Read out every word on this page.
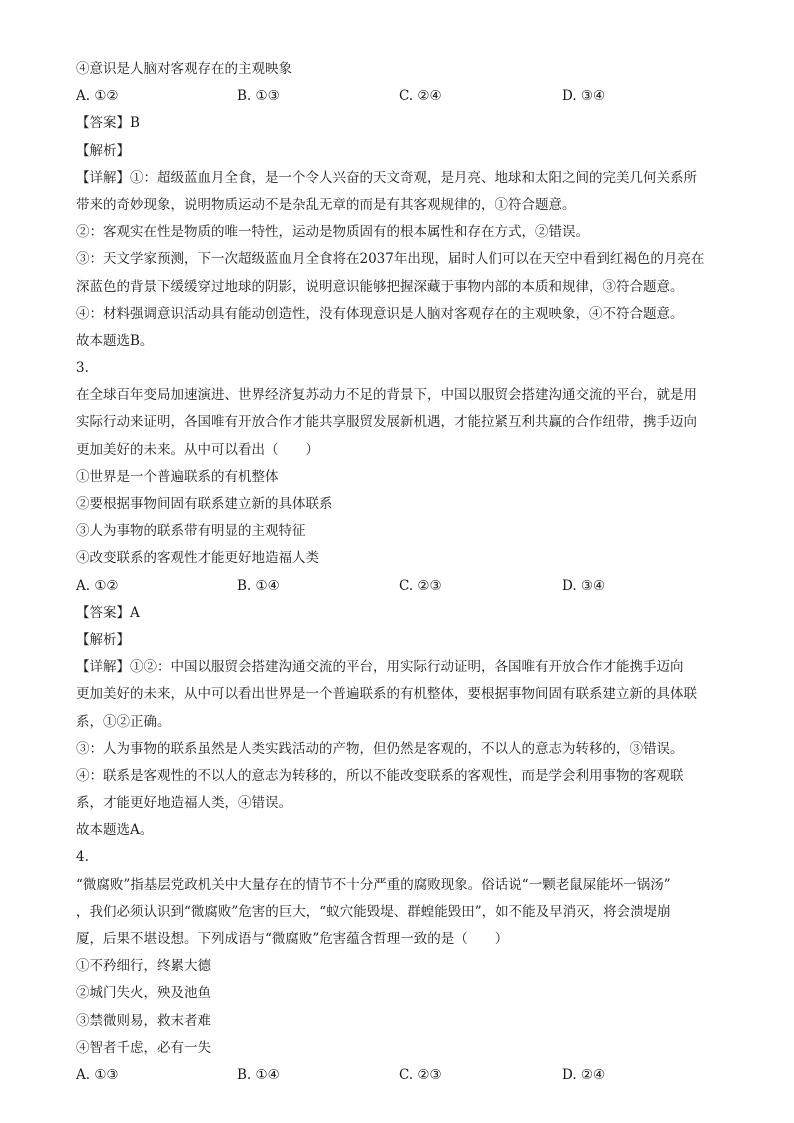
④意识是人脑对客观存在的主观映象
A. ①②	B. ①③	C. ②④	D. ③④
【答案】B
【解析】
【详解】①：超级蓝血月全食，是一个令人兴奋的天文奇观，是月亮、地球和太阳之间的完美几何关系所
带来的奇妙现象，说明物质运动不是杂乱无章的而是有其客观规律的，①符合题意。
②：客观实在性是物质的唯一特性，运动是物质固有的根本属性和存在方式，②错误。
③：天文学家预测，下一次超级蓝血月全食将在2037年出现，届时人们可以在天空中看到红褐色的月亮在
深蓝色的背景下缓缓穿过地球的阴影，说明意识能够把握深藏于事物内部的本质和规律，③符合题意。
④：材料强调意识活动具有能动创造性，没有体现意识是人脑对客观存在的主观映象，④不符合题意。
故本题选B。
3.
在全球百年变局加速演进、世界经济复苏动力不足的背景下，中国以服贸会搭建沟通交流的平台，就是用
实际行动来证明，各国唯有开放合作才能共享服贸发展新机遇，才能拉紧互利共赢的合作纽带，携手迈向
更加美好的未来。从中可以看出（　　）
①世界是一个普遍联系的有机整体
②要根据事物间固有联系建立新的具体联系
③人为事物的联系带有明显的主观特征
④改变联系的客观性才能更好地造福人类
A. ①②	B. ①④	C. ②③	D. ③④
【答案】A
【解析】
【详解】①②：中国以服贸会搭建沟通交流的平台，用实际行动证明，各国唯有开放合作才能携手迈向
更加美好的未来，从中可以看出世界是一个普遍联系的有机整体，要根据事物间固有联系建立新的具体联
系，①②正确。
③：人为事物的联系虽然是人类实践活动的产物，但仍然是客观的，不以人的意志为转移的，③错误。
④：联系是客观性的不以人的意志为转移的，所以不能改变联系的客观性，而是学会利用事物的客观联
系，才能更好地造福人类，④错误。
故本题选A。
4.
“微腐败”指基层党政机关中大量存在的情节不十分严重的腐败现象。俗话说“一颗老鼠屎能坏一锅汤”
，我们必须认识到“微腐败”危害的巨大，“蚁穴能毁堤、群蝗能毁田”，如不能及早消灭，将会溃堤崩
厦，后果不堪设想。下列成语与“微腐败”危害蕴含哲理一致的是（　　）
①不矜细行，终累大德
②城门失火，殃及池鱼
③禁微则易，救末者难
④智者千虑，必有一失
A. ①③	B. ①④	C. ②③	D. ②④
